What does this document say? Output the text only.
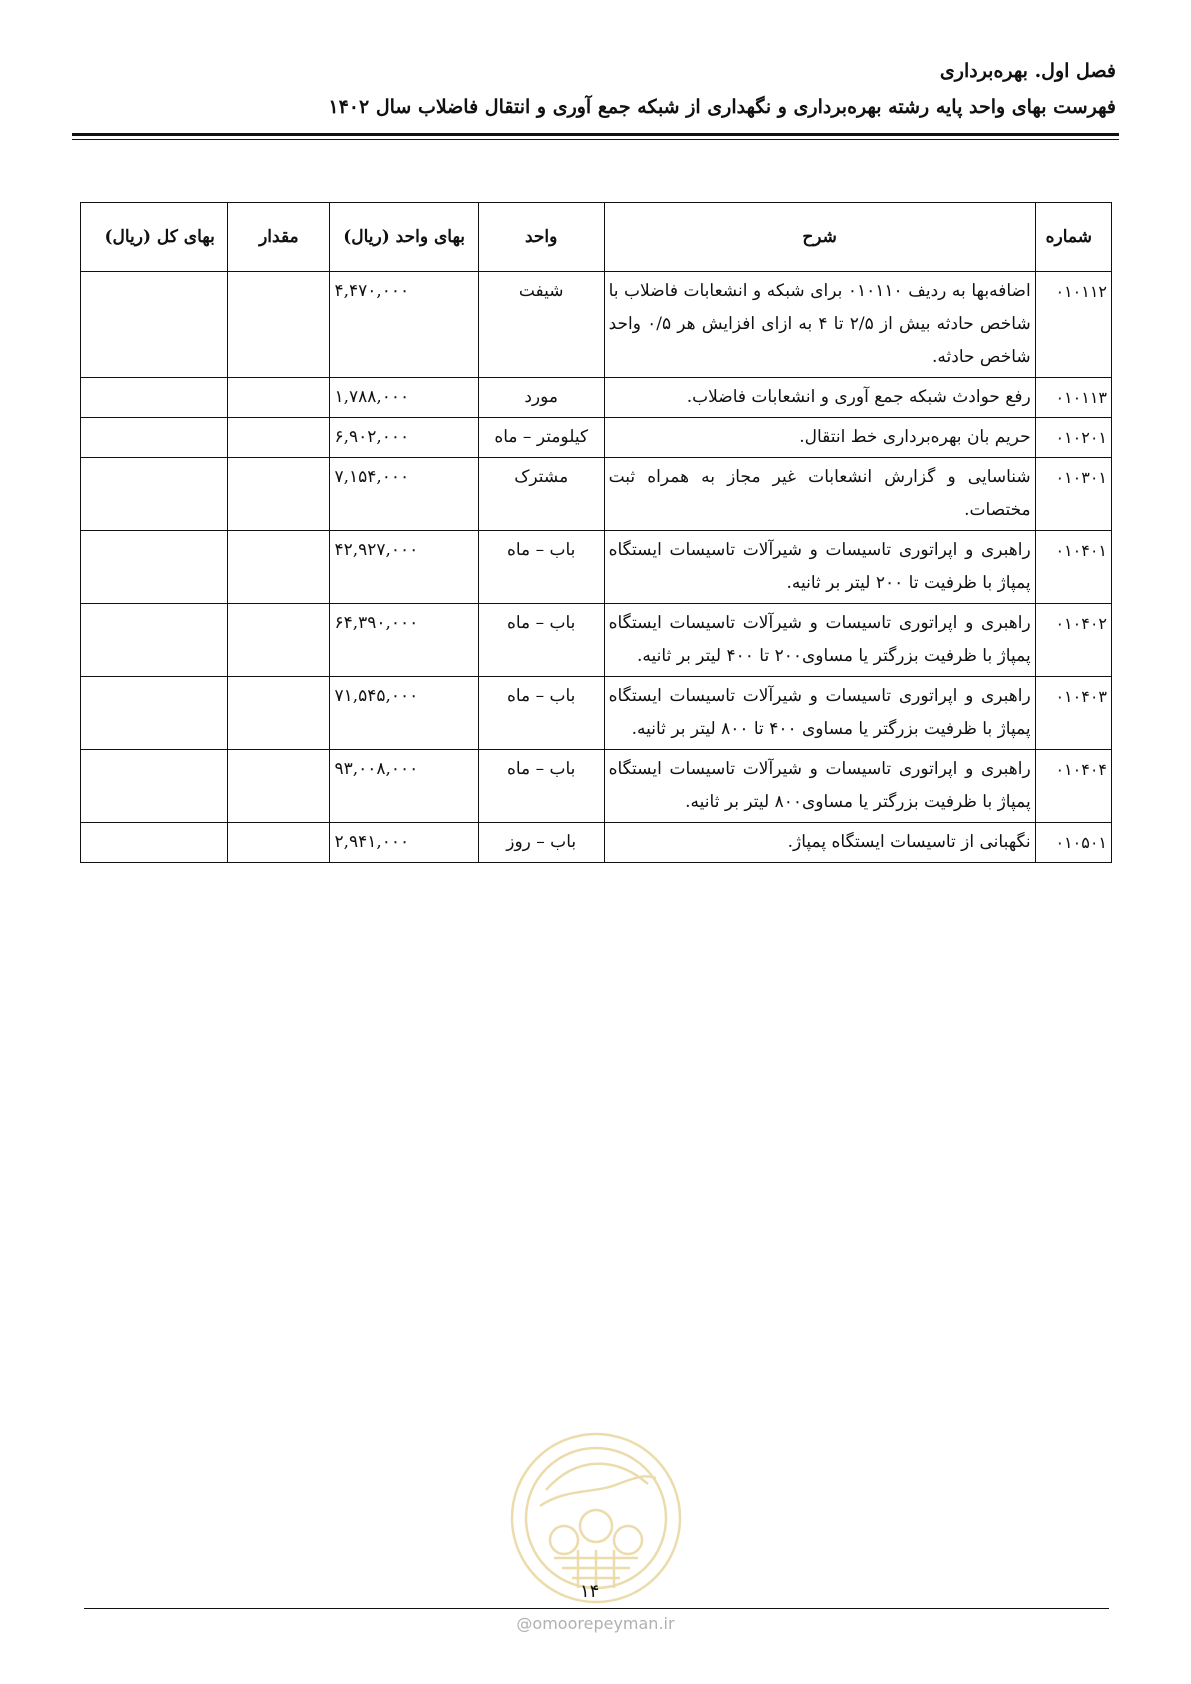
فصل اول. بهره‌برداری
فهرست بهای واحد پایه رشته بهره‌برداری و نگهداری از شبکه جمع آوری و انتقال فاضلاب سال ۱۴۰۲
شماره	شرح	واحد	بهای واحد (ریال)	مقدار	بهای کل (ریال)
۰۱۰۱۱۲	اضافه‌بها به ردیف ۰۱۰۱۱۰ برای شبکه و انشعابات فاضلاب با شاخص حادثه بیش از ۲/۵ تا ۴ به ازای افزایش هر ۰/۵ واحد شاخص حادثه.	شیفت	۴,۴۷۰,۰۰۰		
۰۱۰۱۱۳	رفع حوادث شبکه جمع آوری و انشعابات فاضلاب.	مورد	۱,۷۸۸,۰۰۰		
۰۱۰۲۰۱	حریم بان بهره‌برداری خط انتقال.	کیلومتر – ماه	۶,۹۰۲,۰۰۰		
۰۱۰۳۰۱	شناسایی و گزارش انشعابات غیر مجاز به همراه ثبت مختصات.	مشترک	۷,۱۵۴,۰۰۰		
۰۱۰۴۰۱	راهبری و اپراتوری تاسیسات و شیرآلات تاسیسات ایستگاه پمپاژ با ظرفیت تا ۲۰۰ لیتر بر ثانیه.	باب – ماه	۴۲,۹۲۷,۰۰۰		
۰۱۰۴۰۲	راهبری و اپراتوری تاسیسات و شیرآلات تاسیسات ایستگاه پمپاژ با ظرفیت بزرگتر یا مساوی۲۰۰ تا ۴۰۰ لیتر بر ثانیه.	باب – ماه	۶۴,۳۹۰,۰۰۰		
۰۱۰۴۰۳	راهبری و اپراتوری تاسیسات و شیرآلات تاسیسات ایستگاه پمپاژ با ظرفیت بزرگتر یا مساوی ۴۰۰ تا ۸۰۰ لیتر بر ثانیه.	باب – ماه	۷۱,۵۴۵,۰۰۰		
۰۱۰۴۰۴	راهبری و اپراتوری تاسیسات و شیرآلات تاسیسات ایستگاه پمپاژ با ظرفیت بزرگتر یا مساوی۸۰۰ لیتر بر ثانیه.	باب – ماه	۹۳,۰۰۸,۰۰۰		
۰۱۰۵۰۱	نگهبانی از تاسیسات ایستگاه پمپاژ.	باب – روز	۲,۹۴۱,۰۰۰		
۱۴
@omoorepeyman.ir
